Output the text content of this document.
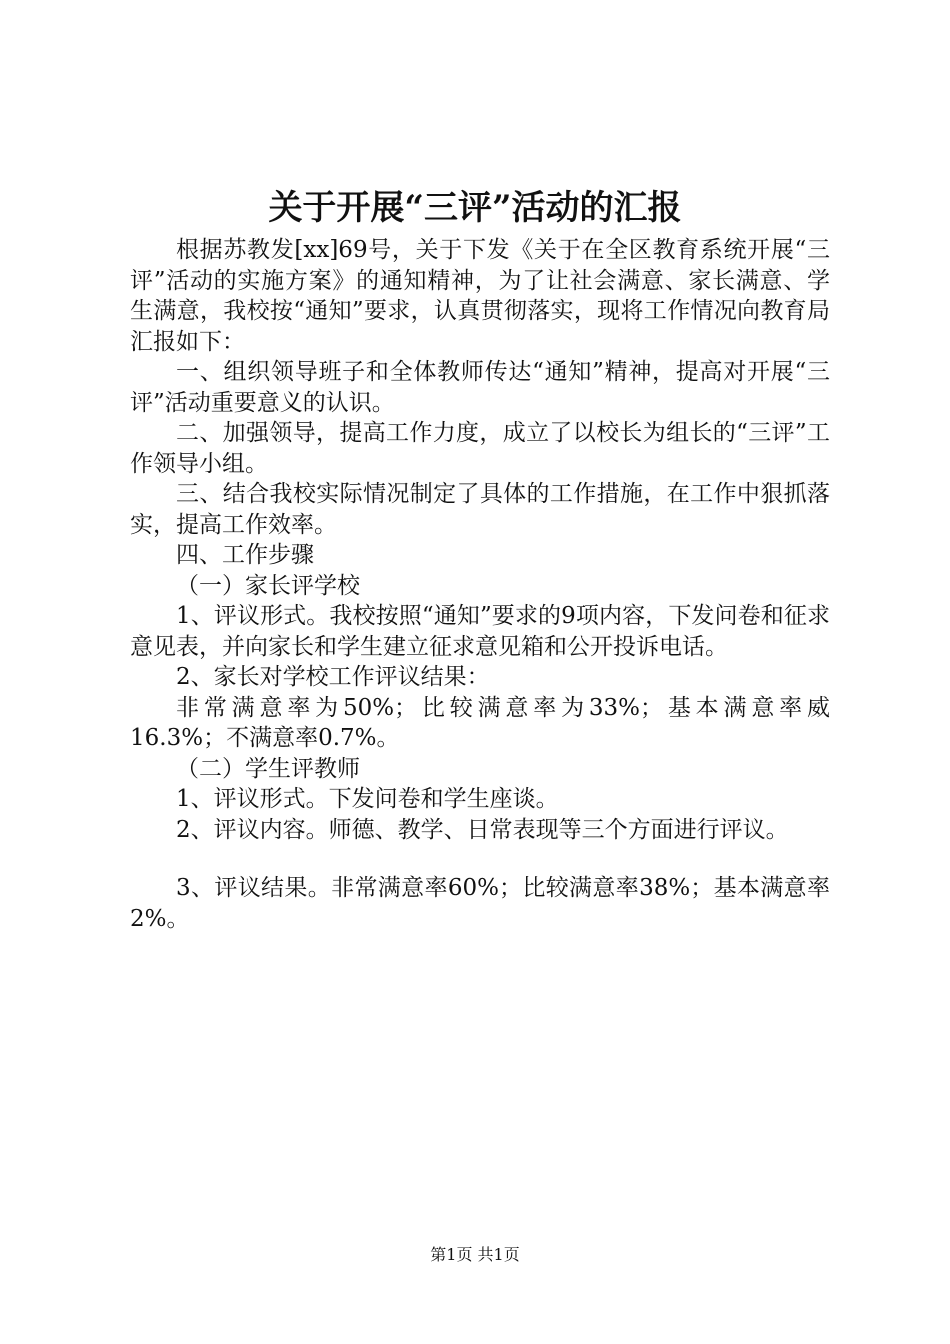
关于开展“三评”活动的汇报

根据苏教发[xx]69号，关于下发《关于在全区教育系统开展“三评”活动的实施方案》的通知精神，为了让社会满意、家长满意、学生满意，我校按“通知”要求，认真贯彻落实，现将工作情况向教育局汇报如下：

一、组织领导班子和全体教师传达“通知”精神，提高对开展“三评”活动重要意义的认识。

二、加强领导，提高工作力度，成立了以校长为组长的“三评”工作领导小组。

三、结合我校实际情况制定了具体的工作措施，在工作中狠抓落实，提高工作效率。

四、工作步骤

（一）家长评学校

1、评议形式。我校按照“通知”要求的9项内容，下发问卷和征求意见表，并向家长和学生建立征求意见箱和公开投诉电话。

2、家长对学校工作评议结果：

非常满意率为50%；比较满意率为33%；基本满意率威16.3%；不满意率0.7%。

（二）学生评教师

1、评议形式。下发问卷和学生座谈。

2、评议内容。师德、教学、日常表现等三个方面进行评议。

3、评议结果。非常满意率60%；比较满意率38%；基本满意率2%。

第1页 共1页
